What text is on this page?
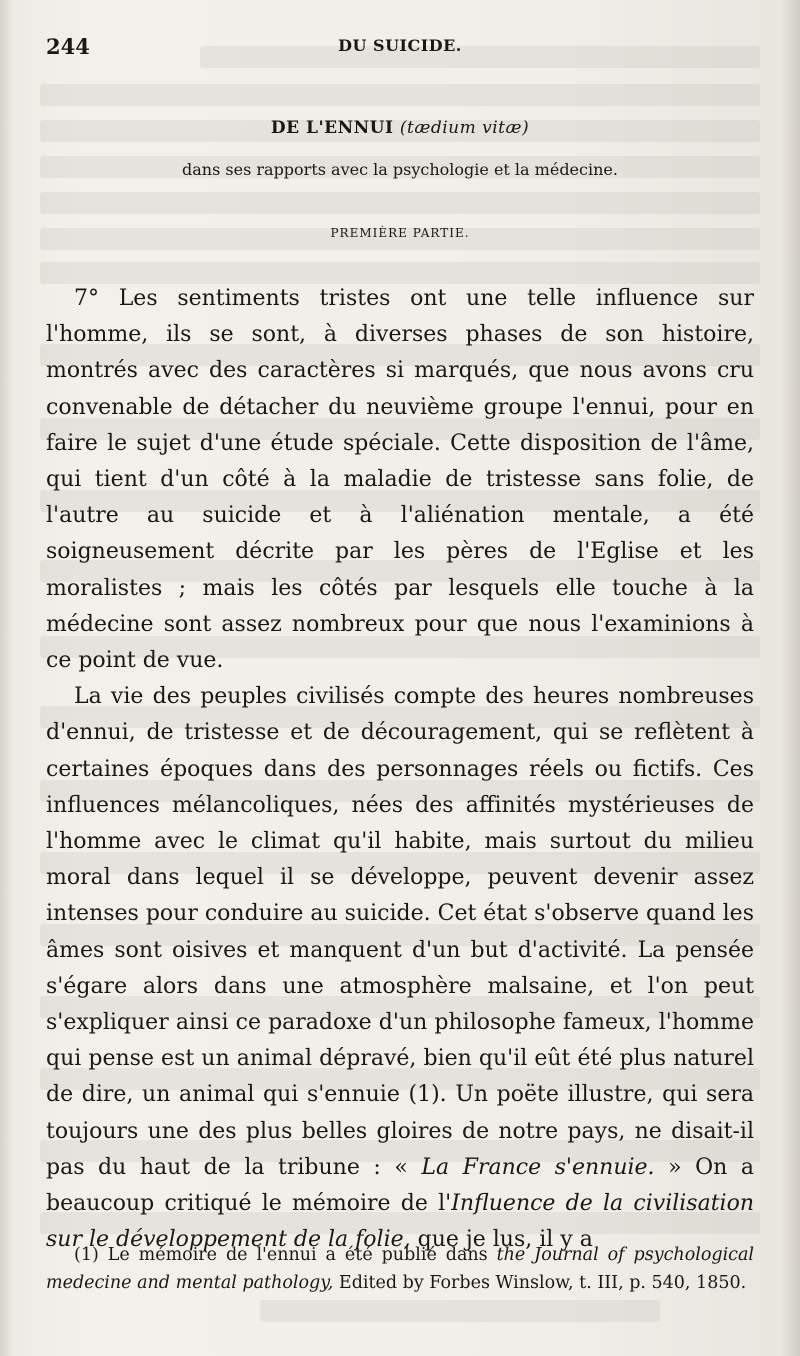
244	DU SUICIDE.
DE L'ENNUI (tædium vitæ)
dans ses rapports avec la psychologie et la médecine.
PREMIÈRE PARTIE.

7° Les sentiments tristes ont une telle influence sur l'homme, ils se sont, à diverses phases de son histoire, montrés avec des caractères si marqués, que nous avons cru convenable de détacher du neuvième groupe l'ennui, pour en faire le sujet d'une étude spéciale. Cette disposition de l'âme, qui tient d'un côté à la maladie de tristesse sans folie, de l'autre au suicide et à l'aliénation mentale, a été soigneusement décrite par les pères de l'Eglise et les moralistes ; mais les côtés par lesquels elle touche à la médecine sont assez nombreux pour que nous l'examinions à ce point de vue.

La vie des peuples civilisés compte des heures nombreuses d'ennui, de tristesse et de découragement, qui se reflètent à certaines époques dans des personnages réels ou fictifs. Ces influences mélancoliques, nées des affinités mystérieuses de l'homme avec le climat qu'il habite, mais surtout du milieu moral dans lequel il se développe, peuvent devenir assez intenses pour conduire au suicide. Cet état s'observe quand les âmes sont oisives et manquent d'un but d'activité. La pensée s'égare alors dans une atmosphère malsaine, et l'on peut s'expliquer ainsi ce paradoxe d'un philosophe fameux, l'homme qui pense est un animal dépravé, bien qu'il eût été plus naturel de dire, un animal qui s'ennuie (1). Un poëte illustre, qui sera toujours une des plus belles gloires de notre pays, ne disait-il pas du haut de la tribune : « La France s'ennuie. » On a beaucoup critiqué le mémoire de l'Influence de la civilisation sur le développement de la folie, que je lus, il y a

(1) Le mémoire de l'ennui a été publié dans the Journal of psychological medecine and mental pathology, Edited by Forbes Winslow, t. III, p. 540, 1850.
